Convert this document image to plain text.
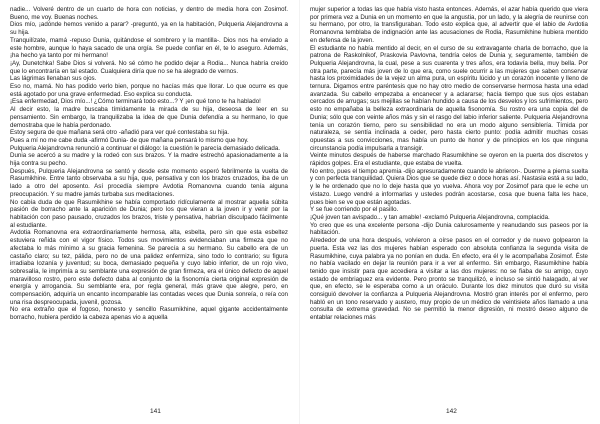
nadie... Volveré dentro de un cuarto de hora con noticias, y dentro de media hora con Zosimof. Bueno, me voy. Buenas noches.

Dios mío, ¡adónde hemos venido a parar? -preguntó, ya en la habitación, Pulqueria Alejandrovna a su hija.

Tranquilízate, mamá -repuso Dunia, quitándose el sombrero y la mantilla-. Dios nos ha enviado a este hombre, aunque lo haya sacado de una orgía. Se puede confiar en él, te lo aseguro. Además, ¡ha hecho ya tanto por mi hermano!

¡Ay, Dunetchka! Sabe Dios si volverá. No sé cómo he podido dejar a Rodia... Nunca habría creído que lo encontraría en tal estado. Cualquiera diría que no se ha alegrado de vernos.

Las lágrimas llenaban sus ojos.

Eso no, mamá. No has podido verlo bien, porque no hacías más que llorar. Lo que ocurre es que está agotado por una grave enfermedad. Eso explica su conducta.

¡Esa enfermedad, Dios mío...! ¿Cómo terminará todo esto...? Y ¡en qué tono te ha hablado!

Al decir esto, la madre buscaba tímidamente la mirada de su hija, deseosa de leer en su pensamiento. Sin embargo, la tranquilizaba la idea de que Dunia defendía a su hermano, lo que demostraba que le había perdonado.

Estoy segura de que mañana será otro -añadió para ver qué contestaba su hija.

Pues a mí no me cabe duda -afirmó Dunia- de que mañana pensará lo mismo que hoy.

Pulqueria Alejandrovna renunció a continuar el diálogo: la cuestión le parecía demasiado delicada.

Dunia se acercó a su madre y la rodeó con sus brazos. Y la madre estrechó apasionadamente a la hija contra su pecho.

Después, Pulqueria Alejandrovna se sentó y desde este momento esperó febrilmente la vuelta de Rasumikhine. Entre tanto observaba a su hija, que, pensativa y con los brazos cruzados, iba de un lado a otro del aposento. Así procedía siempre Avdotia Romanovna cuando tenía alguna preocupación. Y su madre jamás turbaba sus meditaciones.

No cabía duda de que Rasumikhine se había comportado ridículamente al mostrar aquella súbita pasión de borracho ante la aparición de Dunia; pero los que vieran a la joven ir y venir por la habitación con paso pausado, cruzados los brazos, triste y pensativa, habrían disculpado fácilmente al estudiante.

Avdotia Romanovna era extraordinariamente hermosa, alta, esbelta, pero sin que esta esbeltez estuviera reñida con el vigor físico. Todos sus movimientos evidenciaban una firmeza que no afectaba lo más mínimo a su gracia femenina. Se parecía a su hermano. Su cabello era de un castaño claro; su tez, pálida, pero no de una palidez enfermiza, sino todo lo contrario; su figura irradiaba lozanía y juventud; su boca, demasiado pequeña y cuyo labio inferior, de un rojo vivo, sobresalía, le imprimía a su semblante una expresión de gran firmeza, era el único defecto de aquel maravilloso rostro, pero este defecto daba al conjunto de la fisonomía cierta original expresión de energía y arrogancia. Su semblante era, por regla general, más grave que alegre, pero, en compensación, adquiría un encanto incomparable las contadas veces que Dunia sonreía, o reía con una risa despreocupada, juvenil, gozosa.

No era extraño que el fogoso, honesto y sencillo Rasumikhine, aquel gigante accidentalmente borracho, hubiera perdido la cabeza apenas vio a aquella

mujer superior a todas las que había visto hasta entonces. Además, el azar había querido que viera por primera vez a Dunia en un momento en que la angustia, por un lado, y la alegría de reunirse con su hermano, por otro, la transfiguraban. Todo esto explica que, al advertir que el labio de Avdotia Romanovna temblaba de indignación ante las acusaciones de Rodia, Rasumikhine hubiera mentido en defensa de la joven.

El estudiante no había mentido al decir, en el curso de su extravagante charla de borracho, que la patrona de Raskolnikof, Praskovia Pavlovna, tendría celos de Dunia y, seguramente, también de Pulqueria Alejandrovna, la cual, pese a sus cuarenta y tres años, era todavía bella, muy bella. Por otra parte, parecía más joven de lo que era, como suele ocurrir a las mujeres que saben conservar hasta los proximidades de la vejez un alma pura, un espíritu lúcido y un corazón inocente y lleno de ternura. Digamos entre paréntesis que no hay otro medio de conservarse hermosa hasta una edad avanzada. Su cabello empezaba a encanecer y a aclararse; hacía tiempo que sus ojos estaban cercados de arrugas; sus mejillas se habían hundido a causa de los desvelos y los sufrimientos, pero esto no empañaba la belleza extraordinaria de aquella fisonomía. Su rostro era una copia del de Dunia; sólo que con veinte años más y sin el rasgo del labio inferior saliente. Pulqueria Alejandrovna tenía un corazón tierno, pero su sensibilidad no era un modo alguno sensiblería. Tímida por naturaleza, se sentía inclinada a ceder, pero hasta cierto punto: podía admitir muchas cosas opuestas a sus convicciones, mas había un punto de honor y de principios en los que ninguna circunstancia podía impulsarla a transigir.

Veinte minutos después de haberse marchado Rasumikhine se oyeron en la puerta dos discretos y rápidos golpes. Era el estudiante, que estaba de vuelta.

No entro, pues el tiempo apremia -dijo apresuradamente cuando le abrieron-. Duerme a pierna suelta y con perfecta tranquilidad. Quiera Dios que se quede diez o doce horas así. Nastasia está a su lado, y le he ordenado que no lo deje hasta que yo vuelva. Ahora voy por Zosimof para que le eche un vistazo. Luego vendré a informarlas y ustedes podrán acostarse, cosa que buena falta les hace, pues bien se ve que están agotadas.

Y se fue corriendo por el pasillo.

¡Qué joven tan avispado... y tan amable! -exclamó Pulqueria Alejandrovna, complacida.

Yo creo que es una excelente persona -dijo Dunia calurosamente y reanudando sus paseos por la habitación.

Alrededor de una hora después, volvieron a oírse pasos en el corredor y de nuevo golpearon la puerta. Esta vez las dos mujeres habían esperado con absoluta confianza la segunda visita de Rasumikhine, cuya palabra ya no ponían en duda. En efecto, era él y le acompañaba Zosimof. Éste no había vacilado en dejar la reunión para ir a ver al enfermo. Sin embargo, Rasumikhine había tenido que insistir para que accediera a visitar a las dos mujeres: no se fiaba de su amigo, cuyo estado de embriaguez era evidente. Pero pronto se tranquilizó, e incluso se sintió halagado, al ver que, en efecto, se le esperaba como a un oráculo. Durante los diez minutos que duró su visita consiguió devolver la confianza a Pulqueria Alejandrovna. Mostró gran interés por el enfermo, pero habló en un tono reservado y austero, muy propio de un médico de veintisiete años llamado a una consulta de extrema gravedad. No se permitió la menor digresión, ni mostró deseo alguno de entablar relaciones más

141	142
